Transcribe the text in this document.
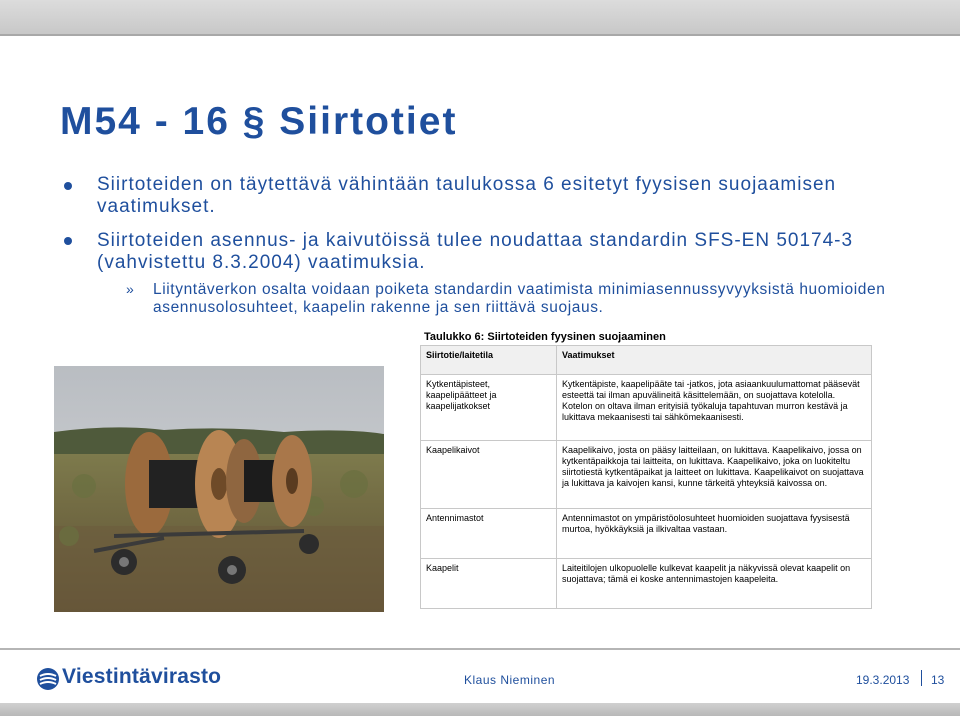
M54 - 16 § Siirtotiet
Siirtoteiden on täytettävä vähintään taulukossa 6 esitetyt fyysisen suojaamisen vaatimukset.
Siirtoteiden asennus- ja kaivutöissä tulee noudattaa standardin SFS-EN 50174-3 (vahvistettu 8.3.2004) vaatimuksia.
» Liityntäverkon osalta voidaan poiketa standardin vaatimista minimiasennussyvyyksistä huomioiden asennusolosuhteet, kaapelin rakenne ja sen riittävä suojaus.
Taulukko 6: Siirtoteiden fyysinen suojaaminen
Siirtotie/laitetila	Vaatimukset
Kytkentäpisteet, kaapelipäätteet ja kaapelijatkokset	Kytkentäpiste, kaapelipääte tai -jatkos, jota asiaankuulumattomat pääsevät esteettä tai ilman apuvälineitä käsittelemään, on suojattava kotelolla. Kotelon on oltava ilman erityisiä työkaluja tapahtuvan murron kestävä ja lukittava mekaanisesti tai sähkömekaanisesti.
Kaapelikaivot	Kaapelikaivo, josta on pääsy laitteilaan, on lukittava. Kaapelikaivo, jossa on kytkentäpaikkoja tai laitteita, on lukittava. Kaapelikaivo, joka on luokiteltu siirtotiestä kytkentäpaikat ja laitteet on lukittava. Kaapelikaivot on suojattava ja lukittava ja kaivojen kansi, kunne tärkeitä yhteyksiä kaivossa on.
Antennimastot	Antennimastot on ympäristöolosuhteet huomioiden suojattava fyysisestä murtoa, hyökkäyksiä ja ilkivaltaa vastaan.
Kaapelit	Laiteitilojen ulkopuolelle kulkevat kaapelit ja näkyvissä olevat kaapelit on suojattava; tämä ei koske antennimastojen kaapeleita.
Viestintävirasto	Klaus Nieminen	19.3.2013 13
